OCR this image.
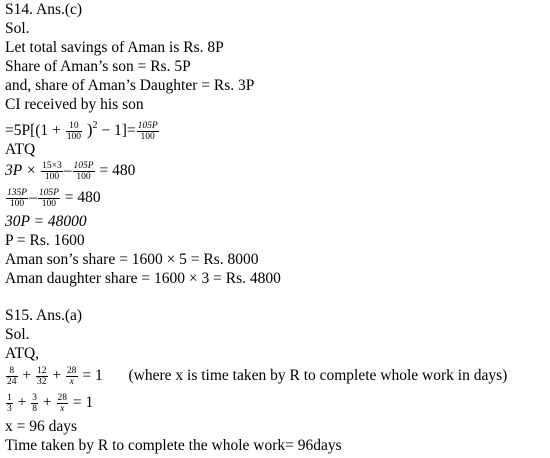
S14. Ans.(c)
Sol.
Let total savings of Aman is Rs. 8P
Share of Aman’s son = Rs. 5P
and, share of Aman’s Daughter = Rs. 3P
CI received by his son
$=5P[(1 + \frac{10}{100} )^2 - 1]= \frac{105P}{100}$
ATQ
$3P \times \frac{15\times 3}{100} - \frac{105P}{100} = 480$
$\frac{135P}{100} - \frac{105P}{100} = 480$
30P = 48000
P = Rs. 1600
Aman son’s share = 1600 × 5 = Rs. 8000
Aman daughter share = 1600 × 3 = Rs. 4800
S15. Ans.(a)
Sol.
ATQ,
$\frac{8}{24} + \frac{12}{32} + \frac{28}{x} = 1$ (where x is time taken by R to complete whole work in days)
$\frac{1}{3} + \frac{3}{8} + \frac{28}{x} = 1$
x = 96 days
Time taken by R to complete the whole work= 96days
